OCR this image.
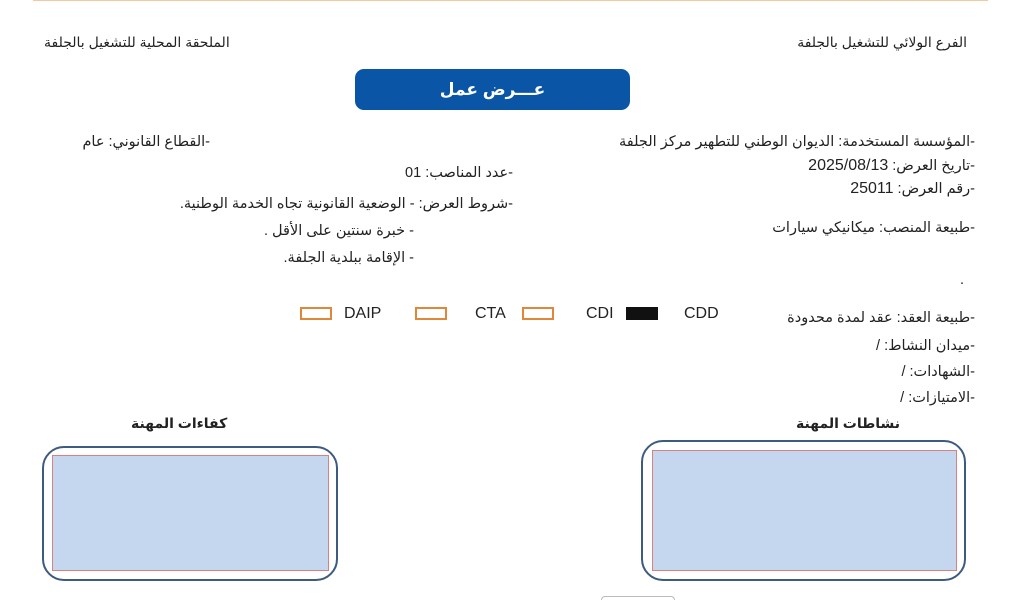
الفرع الولائي للتشغيل بالجلفة
الملحقة المحلية للتشغيل بالجلفة
عـــرض عمل
-المؤسسة المستخدمة: الديوان الوطني للتطهير مركز الجلفة
-تاريخ العرض: 2025/08/13
-رقم العرض: 25011
-طبيعة المنصب: ميكانيكي سيارات
.
-طبيعة العقد: عقد لمدة محدودة
-ميدان النشاط: /
-الشهادات: /
-الامتيازات: /
-القطاع القانوني: عام
-عدد المناصب: 01
-شروط العرض: - الوضعية القانونية تجاه الخدمة الوطنية.
- خبرة سنتين على الأقل .
- الإقامة ببلدية الجلفة.
CDD
CDI
CTA
DAIP
نشاطات المهنة
كفاءات المهنة
